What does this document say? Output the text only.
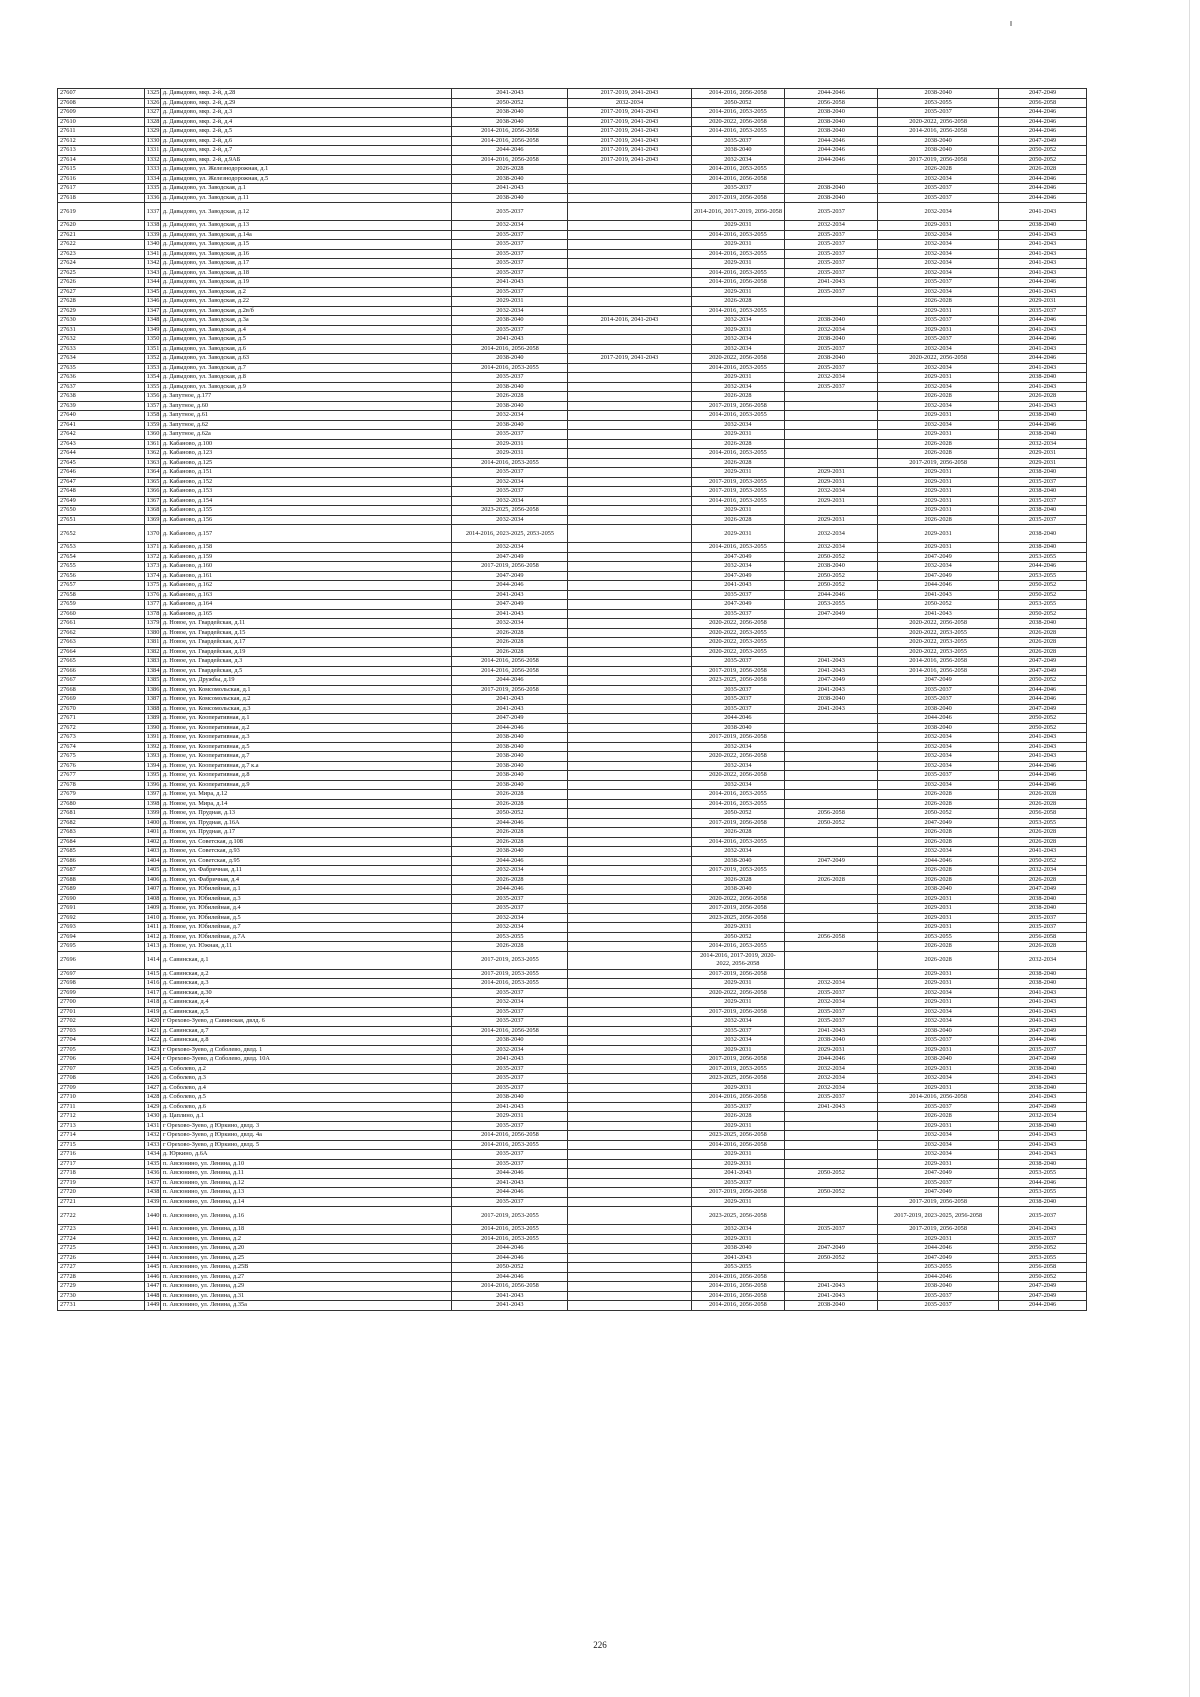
27607	1325	д. Давыдово, мкр. 2-й, д.28	2041-2043	2017-2019, 2041-2043	2014-2016, 2056-2058	2044-2046	2038-2040	2047-2049
27608	1326	д. Давыдово, мкр. 2-й, д.29	2050-2052	2032-2034	2050-2052	2056-2058	2053-2055	2056-2058
27609	1327	д. Давыдово, мкр. 2-й, д.3	2038-2040	2017-2019, 2041-2043	2014-2016, 2053-2055	2038-2040	2035-2037	2044-2046
27610	1328	д. Давыдово, мкр. 2-й, д.4	2038-2040	2017-2019, 2041-2043	2020-2022, 2056-2058	2038-2040	2020-2022, 2056-2058	2044-2046
27611	1329	д. Давыдово, мкр. 2-й, д.5	2014-2016, 2056-2058	2017-2019, 2041-2043	2014-2016, 2053-2055	2038-2040	2014-2016, 2056-2058	2044-2046
27612	1330	д. Давыдово, мкр. 2-й, д.6	2014-2016, 2056-2058	2017-2019, 2041-2043	2035-2037	2044-2046	2038-2040	2047-2049
27613	1331	д. Давыдово, мкр. 2-й, д.7	2044-2046	2017-2019, 2041-2043	2038-2040	2044-2046	2038-2040	2050-2052
27614	1332	д. Давыдово, мкр. 2-й, д.9АБ	2014-2016, 2056-2058	2017-2019, 2041-2043	2032-2034	2044-2046	2017-2019, 2056-2058	2050-2052
27615	1333	д. Давыдово, ул. Железнодорожная, д.1	2026-2028		2014-2016, 2053-2055		2026-2028	2026-2028
27616	1334	д. Давыдово, ул. Железнодорожная, д.5	2038-2040		2014-2016, 2056-2058		2032-2034	2044-2046
27617	1335	д. Давыдово, ул. Заводская, д.1	2041-2043		2035-2037	2038-2040	2035-2037	2044-2046
27618	1336	д. Давыдово, ул. Заводская, д.11	2038-2040		2017-2019, 2056-2058	2038-2040	2035-2037	2044-2046
27619	1337	д. Давыдово, ул. Заводская, д.12	2035-2037		2014-2016, 2017-2019, 2056-2058	2035-2037	2032-2034	2041-2043
27620	1338	д. Давыдово, ул. Заводская, д.13	2032-2034		2029-2031	2032-2034	2029-2031	2038-2040
27621	1339	д. Давыдово, ул. Заводская, д.14а	2035-2037		2014-2016, 2053-2055	2035-2037	2032-2034	2041-2043
27622	1340	д. Давыдово, ул. Заводская, д.15	2035-2037		2029-2031	2035-2037	2032-2034	2041-2043
27623	1341	д. Давыдово, ул. Заводская, д.16	2035-2037		2014-2016, 2053-2055	2035-2037	2032-2034	2041-2043
27624	1342	д. Давыдово, ул. Заводская, д.17	2035-2037		2029-2031	2035-2037	2032-2034	2041-2043
27625	1343	д. Давыдово, ул. Заводская, д.18	2035-2037		2014-2016, 2053-2055	2035-2037	2032-2034	2041-2043
27626	1344	д. Давыдово, ул. Заводская, д.19	2041-2043		2014-2016, 2056-2058	2041-2043	2035-2037	2044-2046
27627	1345	д. Давыдово, ул. Заводская, д.2	2035-2037		2029-2031	2035-2037	2032-2034	2041-2043
27628	1346	д. Давыдово, ул. Заводская, д.22	2029-2031		2026-2028		2026-2028	2029-2031
27629	1347	д. Давыдово, ул. Заводская, д.2в/б	2032-2034		2014-2016, 2053-2055		2029-2031	2035-2037
27630	1348	д. Давыдово, ул. Заводская, д.3а	2038-2040	2014-2016, 2041-2043	2032-2034	2038-2040	2035-2037	2044-2046
27631	1349	д. Давыдово, ул. Заводская, д.4	2035-2037		2029-2031	2032-2034	2029-2031	2041-2043
27632	1350	д. Давыдово, ул. Заводская, д.5	2041-2043		2032-2034	2038-2040	2035-2037	2044-2046
27633	1351	д. Давыдово, ул. Заводская, д.6	2014-2016, 2056-2058		2032-2034	2035-2037	2032-2034	2041-2043
27634	1352	д. Давыдово, ул. Заводская, д.63	2038-2040	2017-2019, 2041-2043	2020-2022, 2056-2058	2038-2040	2020-2022, 2056-2058	2044-2046
27635	1353	д. Давыдово, ул. Заводская, д.7	2014-2016, 2053-2055		2014-2016, 2053-2055	2035-2037	2032-2034	2041-2043
27636	1354	д. Давыдово, ул. Заводская, д.8	2035-2037		2029-2031	2032-2034	2029-2031	2038-2040
27637	1355	д. Давыдово, ул. Заводская, д.9	2038-2040		2032-2034	2035-2037	2032-2034	2041-2043
27638	1356	д. Запутное, д.177	2026-2028		2026-2028		2026-2028	2026-2028
27639	1357	д. Запутное, д.60	2038-2040		2017-2019, 2056-2058		2032-2034	2041-2043
27640	1358	д. Запутное, д.61	2032-2034		2014-2016, 2053-2055		2029-2031	2038-2040
27641	1359	д. Запутное, д.62	2038-2040		2032-2034		2032-2034	2044-2046
27642	1360	д. Запутное, д.62а	2035-2037		2029-2031		2029-2031	2038-2040
27643	1361	д. Кабаново, д.100	2029-2031		2026-2028		2026-2028	2032-2034
27644	1362	д. Кабаново, д.123	2029-2031		2014-2016, 2053-2055		2026-2028	2029-2031
27645	1363	д. Кабаново, д.125	2014-2016, 2053-2055		2026-2028		2017-2019, 2056-2058	2029-2031
27646	1364	д. Кабаново, д.151	2035-2037		2029-2031	2029-2031	2029-2031	2038-2040
27647	1365	д. Кабаново, д.152	2032-2034		2017-2019, 2053-2055	2029-2031	2029-2031	2035-2037
27648	1366	д. Кабаново, д.153	2035-2037		2017-2019, 2053-2055	2032-2034	2029-2031	2038-2040
27649	1367	д. Кабаново, д.154	2032-2034		2014-2016, 2053-2055	2029-2031	2029-2031	2035-2037
27650	1368	д. Кабаново, д.155	2023-2025, 2056-2058		2029-2031		2029-2031	2038-2040
27651	1369	д. Кабаново, д.156	2032-2034		2026-2028	2029-2031	2026-2028	2035-2037
27652	1370	д. Кабаново, д.157	2014-2016, 2023-2025, 2053-2055		2029-2031	2032-2034	2029-2031	2038-2040
27653	1371	д. Кабаново, д.158	2032-2034		2014-2016, 2053-2055	2032-2034	2029-2031	2038-2040
27654	1372	д. Кабаново, д.159	2047-2049		2047-2049	2050-2052	2047-2049	2053-2055
27655	1373	д. Кабаново, д.160	2017-2019, 2056-2058		2032-2034	2038-2040	2032-2034	2044-2046
27656	1374	д. Кабаново, д.161	2047-2049		2047-2049	2050-2052	2047-2049	2053-2055
27657	1375	д. Кабаново, д.162	2044-2046		2041-2043	2050-2052	2044-2046	2050-2052
27658	1376	д. Кабаново, д.163	2041-2043		2035-2037	2044-2046	2041-2043	2050-2052
27659	1377	д. Кабаново, д.164	2047-2049		2047-2049	2053-2055	2050-2052	2053-2055
27660	1378	д. Кабаново, д.165	2041-2043		2035-2037	2047-2049	2041-2043	2050-2052
27661	1379	д. Новое, ул. Гвардейская, д.11	2032-2034		2020-2022, 2056-2058		2020-2022, 2056-2058	2038-2040
27662	1380	д. Новое, ул. Гвардейская, д.15	2026-2028		2020-2022, 2053-2055		2020-2022, 2053-2055	2026-2028
27663	1381	д. Новое, ул. Гвардейская, д.17	2026-2028		2020-2022, 2053-2055		2020-2022, 2053-2055	2026-2028
27664	1382	д. Новое, ул. Гвардейская, д.19	2026-2028		2020-2022, 2053-2055		2020-2022, 2053-2055	2026-2028
27665	1383	д. Новое, ул. Гвардейская, д.3	2014-2016, 2056-2058		2035-2037	2041-2043	2014-2016, 2056-2058	2047-2049
27666	1384	д. Новое, ул. Гвардейская, д.5	2014-2016, 2056-2058		2017-2019, 2056-2058	2041-2043	2014-2016, 2056-2058	2047-2049
27667	1385	д. Новое, ул. Дружбы, д.19	2044-2046		2023-2025, 2056-2058	2047-2049	2047-2049	2050-2052
27668	1386	д. Новое, ул. Комсомольская, д.1	2017-2019, 2056-2058		2035-2037	2041-2043	2035-2037	2044-2046
27669	1387	д. Новое, ул. Комсомольская, д.2	2041-2043		2035-2037	2038-2040	2035-2037	2044-2046
27670	1388	д. Новое, ул. Комсомольская, д.3	2041-2043		2035-2037	2041-2043	2038-2040	2047-2049
27671	1389	д. Новое, ул. Кооперативная, д.1	2047-2049		2044-2046		2044-2046	2050-2052
27672	1390	д. Новое, ул. Кооперативная, д.2	2044-2046		2038-2040		2038-2040	2050-2052
27673	1391	д. Новое, ул. Кооперативная, д.3	2038-2040		2017-2019, 2056-2058		2032-2034	2041-2043
27674	1392	д. Новое, ул. Кооперативная, д.5	2038-2040		2032-2034		2032-2034	2041-2043
27675	1393	д. Новое, ул. Кооперативная, д.7	2038-2040		2020-2022, 2056-2058		2032-2034	2041-2043
27676	1394	д. Новое, ул. Кооперативная, д.7 к.а	2038-2040		2032-2034		2032-2034	2044-2046
27677	1395	д. Новое, ул. Кооперативная, д.8	2038-2040		2020-2022, 2056-2058		2035-2037	2044-2046
27678	1396	д. Новое, ул. Кооперативная, д.9	2038-2040		2032-2034		2032-2034	2044-2046
27679	1397	д. Новое, ул. Мира, д.12	2026-2028		2014-2016, 2053-2055		2026-2028	2026-2028
27680	1398	д. Новое, ул. Мира, д.14	2026-2028		2014-2016, 2053-2055		2026-2028	2026-2028
27681	1399	д. Новое, ул. Прудная, д.13	2050-2052		2050-2052	2056-2058	2050-2052	2056-2058
27682	1400	д. Новое, ул. Прудная, д.16А	2044-2046		2017-2019, 2056-2058	2050-2052	2047-2049	2053-2055
27683	1401	д. Новое, ул. Прудная, д.17	2026-2028		2026-2028		2026-2028	2026-2028
27684	1402	д. Новое, ул. Советская, д.108	2026-2028		2014-2016, 2053-2055		2026-2028	2026-2028
27685	1403	д. Новое, ул. Советская, д.93	2038-2040		2032-2034		2032-2034	2041-2043
27686	1404	д. Новое, ул. Советская, д.95	2044-2046		2038-2040	2047-2049	2044-2046	2050-2052
27687	1405	д. Новое, ул. Фабричная, д.11	2032-2034		2017-2019, 2053-2055		2026-2028	2032-2034
27688	1406	д. Новое, ул. Фабричная, д.4	2026-2028		2026-2028	2026-2028	2026-2028	2026-2028
27689	1407	д. Новое, ул. Юбилейная, д.1	2044-2046		2038-2040		2038-2040	2047-2049
27690	1408	д. Новое, ул. Юбилейная, д.3	2035-2037		2020-2022, 2056-2058		2029-2031	2038-2040
27691	1409	д. Новое, ул. Юбилейная, д.4	2035-2037		2017-2019, 2056-2058		2029-2031	2038-2040
27692	1410	д. Новое, ул. Юбилейная, д.5	2032-2034		2023-2025, 2056-2058		2029-2031	2035-2037
27693	1411	д. Новое, ул. Юбилейная, д.7	2032-2034		2029-2031		2029-2031	2035-2037
27694	1412	д. Новое, ул. Юбилейная, д.7А	2053-2055		2050-2052	2056-2058	2053-2055	2056-2058
27695	1413	д. Новое, ул. Южная, д.11	2026-2028		2014-2016, 2053-2055		2026-2028	2026-2028
27696	1414	д. Савинская, д.1	2017-2019, 2053-2055		2014-2016, 2017-2019, 2020-2022, 2056-2058		2026-2028	2032-2034
27697	1415	д. Савинская, д.2	2017-2019, 2053-2055		2017-2019, 2056-2058		2029-2031	2038-2040
27698	1416	д. Савинская, д.3	2014-2016, 2053-2055		2029-2031	2032-2034	2029-2031	2038-2040
27699	1417	д. Савинская, д.30	2035-2037		2020-2022, 2056-2058	2035-2037	2032-2034	2041-2043
27700	1418	д. Савинская, д.4	2032-2034		2029-2031	2032-2034	2029-2031	2041-2043
27701	1419	д. Савинская, д.5	2035-2037		2017-2019, 2056-2058	2035-2037	2032-2034	2041-2043
27702	1420	г Орехово-Зуево, д Савинская, двлд. 6	2035-2037		2032-2034	2035-2037	2032-2034	2041-2043
27703	1421	д. Савинская, д.7	2014-2016, 2056-2058		2035-2037	2041-2043	2038-2040	2047-2049
27704	1422	д. Савинская, д.8	2038-2040		2032-2034	2038-2040	2035-2037	2044-2046
27705	1423	г Орехово-Зуево, д Соболево, двлд. 1	2032-2034		2029-2031	2029-2031	2029-2031	2035-2037
27706	1424	г Орехово-Зуево, д Соболево, двлд. 10А	2041-2043		2017-2019, 2056-2058	2044-2046	2038-2040	2047-2049
27707	1425	д. Соболево, д.2	2035-2037		2017-2019, 2053-2055	2032-2034	2029-2031	2038-2040
27708	1426	д. Соболево, д.3	2035-2037		2023-2025, 2056-2058	2032-2034	2032-2034	2041-2043
27709	1427	д. Соболево, д.4	2035-2037		2029-2031	2032-2034	2029-2031	2038-2040
27710	1428	д. Соболево, д.5	2038-2040		2014-2016, 2056-2058	2035-2037	2014-2016, 2056-2058	2041-2043
27711	1429	д. Соболево, д.6	2041-2043		2035-2037	2041-2043	2035-2037	2047-2049
27712	1430	д. Цаплино, д.1	2029-2031		2026-2028		2026-2028	2032-2034
27713	1431	г Орехово-Зуево, д Юркино, двлд. 3	2035-2037		2029-2031		2029-2031	2038-2040
27714	1432	г Орехово-Зуево, д Юркино, двлд. 4а	2014-2016, 2056-2058		2023-2025, 2056-2058		2032-2034	2041-2043
27715	1433	г Орехово-Зуево, д Юркино, двлд. 5	2014-2016, 2053-2055		2014-2016, 2056-2058		2032-2034	2041-2043
27716	1434	д. Юркино, д.6А	2035-2037		2029-2031		2032-2034	2041-2043
27717	1435	п. Авсюнино, ул. Ленина, д.10	2035-2037		2029-2031		2029-2031	2038-2040
27718	1436	п. Авсюнино, ул. Ленина, д.11	2044-2046		2041-2043	2050-2052	2047-2049	2053-2055
27719	1437	п. Авсюнино, ул. Ленина, д.12	2041-2043		2035-2037		2035-2037	2044-2046
27720	1438	п. Авсюнино, ул. Ленина, д.13	2044-2046		2017-2019, 2056-2058	2050-2052	2047-2049	2053-2055
27721	1439	п. Авсюнино, ул. Ленина, д.14	2035-2037		2029-2031		2017-2019, 2056-2058	2038-2040
27722	1440	п. Авсюнино, ул. Ленина, д.16	2017-2019, 2053-2055		2023-2025, 2056-2058		2017-2019, 2023-2025, 2056-2058	2035-2037
27723	1441	п. Авсюнино, ул. Ленина, д.18	2014-2016, 2053-2055		2032-2034	2035-2037	2017-2019, 2056-2058	2041-2043
27724	1442	п. Авсюнино, ул. Ленина, д.2	2014-2016, 2053-2055		2029-2031		2029-2031	2035-2037
27725	1443	п. Авсюнино, ул. Ленина, д.20	2044-2046		2038-2040	2047-2049	2044-2046	2050-2052
27726	1444	п. Авсюнино, ул. Ленина, д.25	2044-2046		2041-2043	2050-2052	2047-2049	2053-2055
27727	1445	п. Авсюнино, ул. Ленина, д.25В	2050-2052		2053-2055		2053-2055	2056-2058
27728	1446	п. Авсюнино, ул. Ленина, д.27	2044-2046		2014-2016, 2056-2058		2044-2046	2050-2052
27729	1447	п. Авсюнино, ул. Ленина, д.29	2014-2016, 2056-2058		2014-2016, 2056-2058	2041-2043	2038-2040	2047-2049
27730	1448	п. Авсюнино, ул. Ленина, д.31	2041-2043		2014-2016, 2056-2058	2041-2043	2035-2037	2047-2049
27731	1449	п. Авсюнино, ул. Ленина, д.35а	2041-2043		2014-2016, 2056-2058	2038-2040	2035-2037	2044-2046
226
